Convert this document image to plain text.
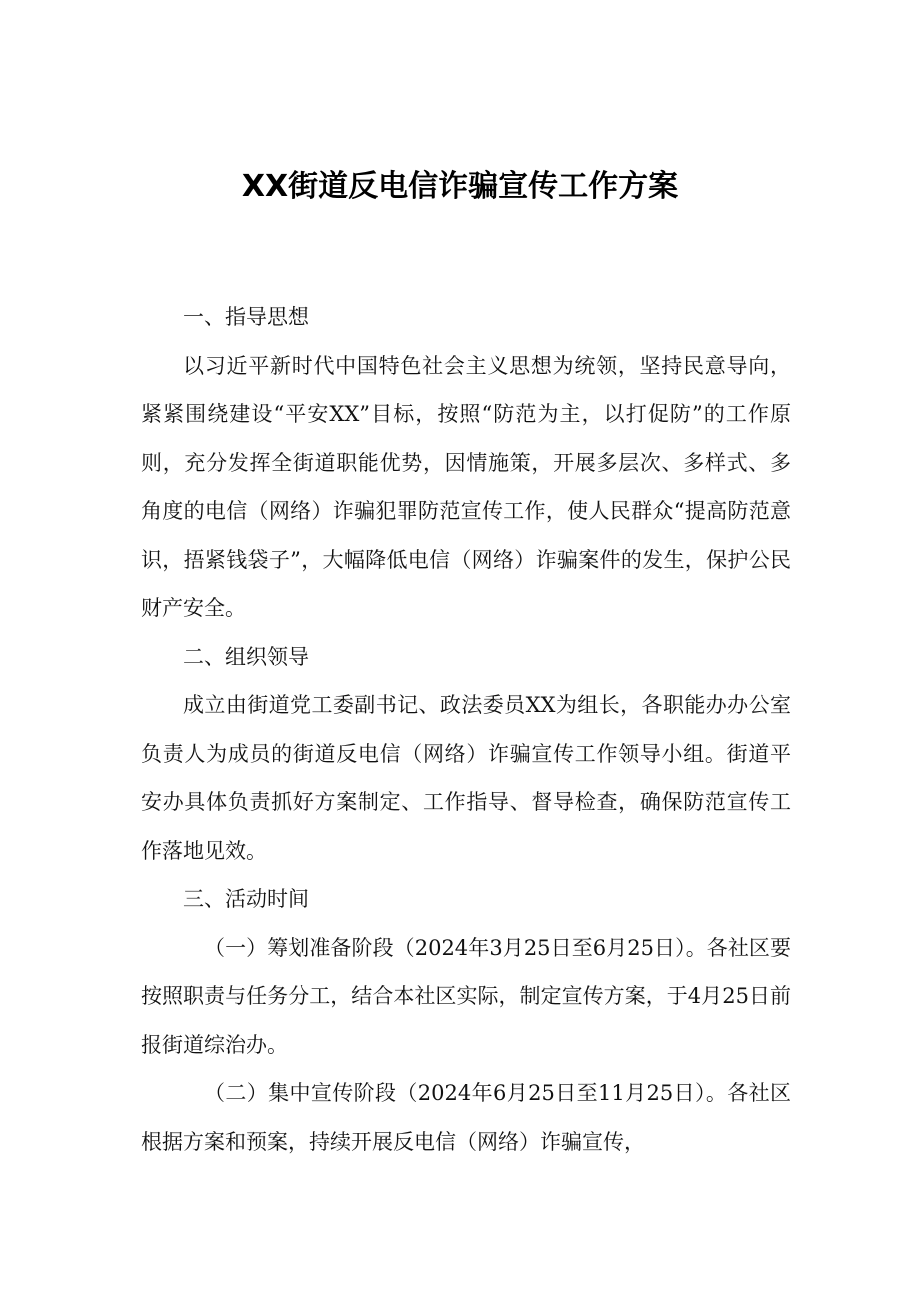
XX街道反电信诈骗宣传工作方案

一、指导思想

以习近平新时代中国特色社会主义思想为统领，坚持民意导向，紧紧围绕建设“平安XX”目标，按照“防范为主，以打促防”的工作原则，充分发挥全街道职能优势，因情施策，开展多层次、多样式、多角度的电信（网络）诈骗犯罪防范宣传工作，使人民群众“提高防范意识，捂紧钱袋子”，大幅降低电信（网络）诈骗案件的发生，保护公民财产安全。

二、组织领导

成立由街道党工委副书记、政法委员XX为组长，各职能办办公室负责人为成员的街道反电信（网络）诈骗宣传工作领导小组。街道平安办具体负责抓好方案制定、工作指导、督导检查，确保防范宣传工作落地见效。

三、活动时间

（一）筹划准备阶段（2024年3月25日至6月25日）。各社区要按照职责与任务分工，结合本社区实际，制定宣传方案，于4月25日前报街道综治办。

（二）集中宣传阶段（2024年6月25日至11月25日）。各社区根据方案和预案，持续开展反电信（网络）诈骗宣传，
